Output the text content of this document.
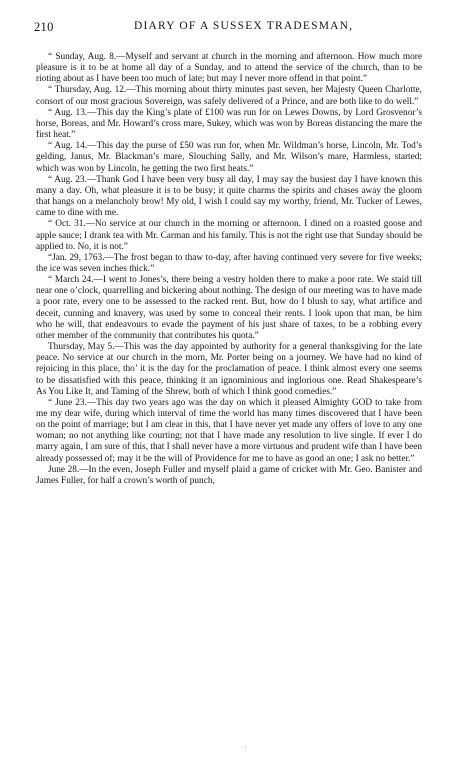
210	DIARY OF A SUSSEX TRADESMAN,

“ Sunday, Aug. 8.—Myself and servant at church in the morning and afternoon. How much more pleasure is it to be at home all day of a Sunday, and to attend the service of the church, than to be rioting about as I have been too much of late; but may I never more offend in that point.”

“ Thursday, Aug. 12.—This morning about thirty minutes past seven, her Majesty Queen Charlotte, consort of our most gracious Sovereign, was safely delivered of a Prince, and are both like to do well.”

“ Aug. 13.—This day the King’s plate of £100 was run for on Lewes Downs, by Lord Grosvenor’s horse, Boreas, and Mr. Howard’s cross mare, Sukey, which was won by Boreas distancing the mare the first heat.”

“ Aug. 14.—This day the purse of £50 was run for, when Mr. Wildman’s horse, Lincoln, Mr. Tod’s gelding, Janus, Mr. Blackman’s mare, Slouching Sally, and Mr. Wilson’s mare, Harmless, started; which was won by Lincoln, he getting the two first heats.”

“ Aug. 23.—Thank God I have been very busy all day, I may say the busiest day I have known this many a day. Oh, what pleasure it is to be busy; it quite charms the spirits and chases away the gloom that hangs on a melancholy brow! My old, I wish I could say my worthy, friend, Mr. Tucker of Lewes, came to dine with me.

“ Oct. 31.—No service at our church in the morning or afternoon. I dined on a roasted goose and apple sauce; I drank tea with Mr. Carman and his family. This is not the right use that Sunday should be applied to. No, it is not.”

“Jan. 29, 1763.—The frost began to thaw to-day, after having continued very severe for five weeks; the ice was seven inches thick.”

“ March 24.—I went to Jones’s, there being a vestry holden there to make a poor rate. We staid till near one o’clock, quarrelling and bickering about nothing. The design of our meeting was to have made a poor rate, every one to be assessed to the racked rent. But, how do I blush to say, what artifice and deceit, cunning and knavery, was used by some to conceal their rents. I look upon that man, be him who he will, that endeavours to evade the payment of his just share of taxes, to be a robbing every other member of the community that contributes his quota.”

Thursday, May 5.—This was the day appointed by authority for a general thanksgiving for the late peace. No service at our church in the morn, Mr. Porter being on a journey. We have had no kind of rejoicing in this place, tho’ it is the day for the proclamation of peace. I think almost every one seems to be dissatisfied with this peace, thinking it an ignominious and inglorious one. Read Shakespeare’s As You Like It, and Taming of the Shrew, both of which I think good comedies.”

“ June 23.—This day two years ago was the day on which it pleased Almighty GOD to take from me my dear wife, during which interval of time the world has many times discovered that I have been on the point of marriage; but I am clear in this, that I have never yet made any offers of love to any one woman; no not anything like courting; not that I have made any resolution to live single. If ever I do marry again, I am sure of this, that I shall never have a more virtuous and prudent wife than I have been already possessed of; may it be the will of Providence for me to have as good an one; I ask no better.”

June 28.—In the even, Joseph Fuller and myself plaid a game of cricket with Mr. Geo. Banister and James Fuller, for half a crown’s worth of punch,

’
